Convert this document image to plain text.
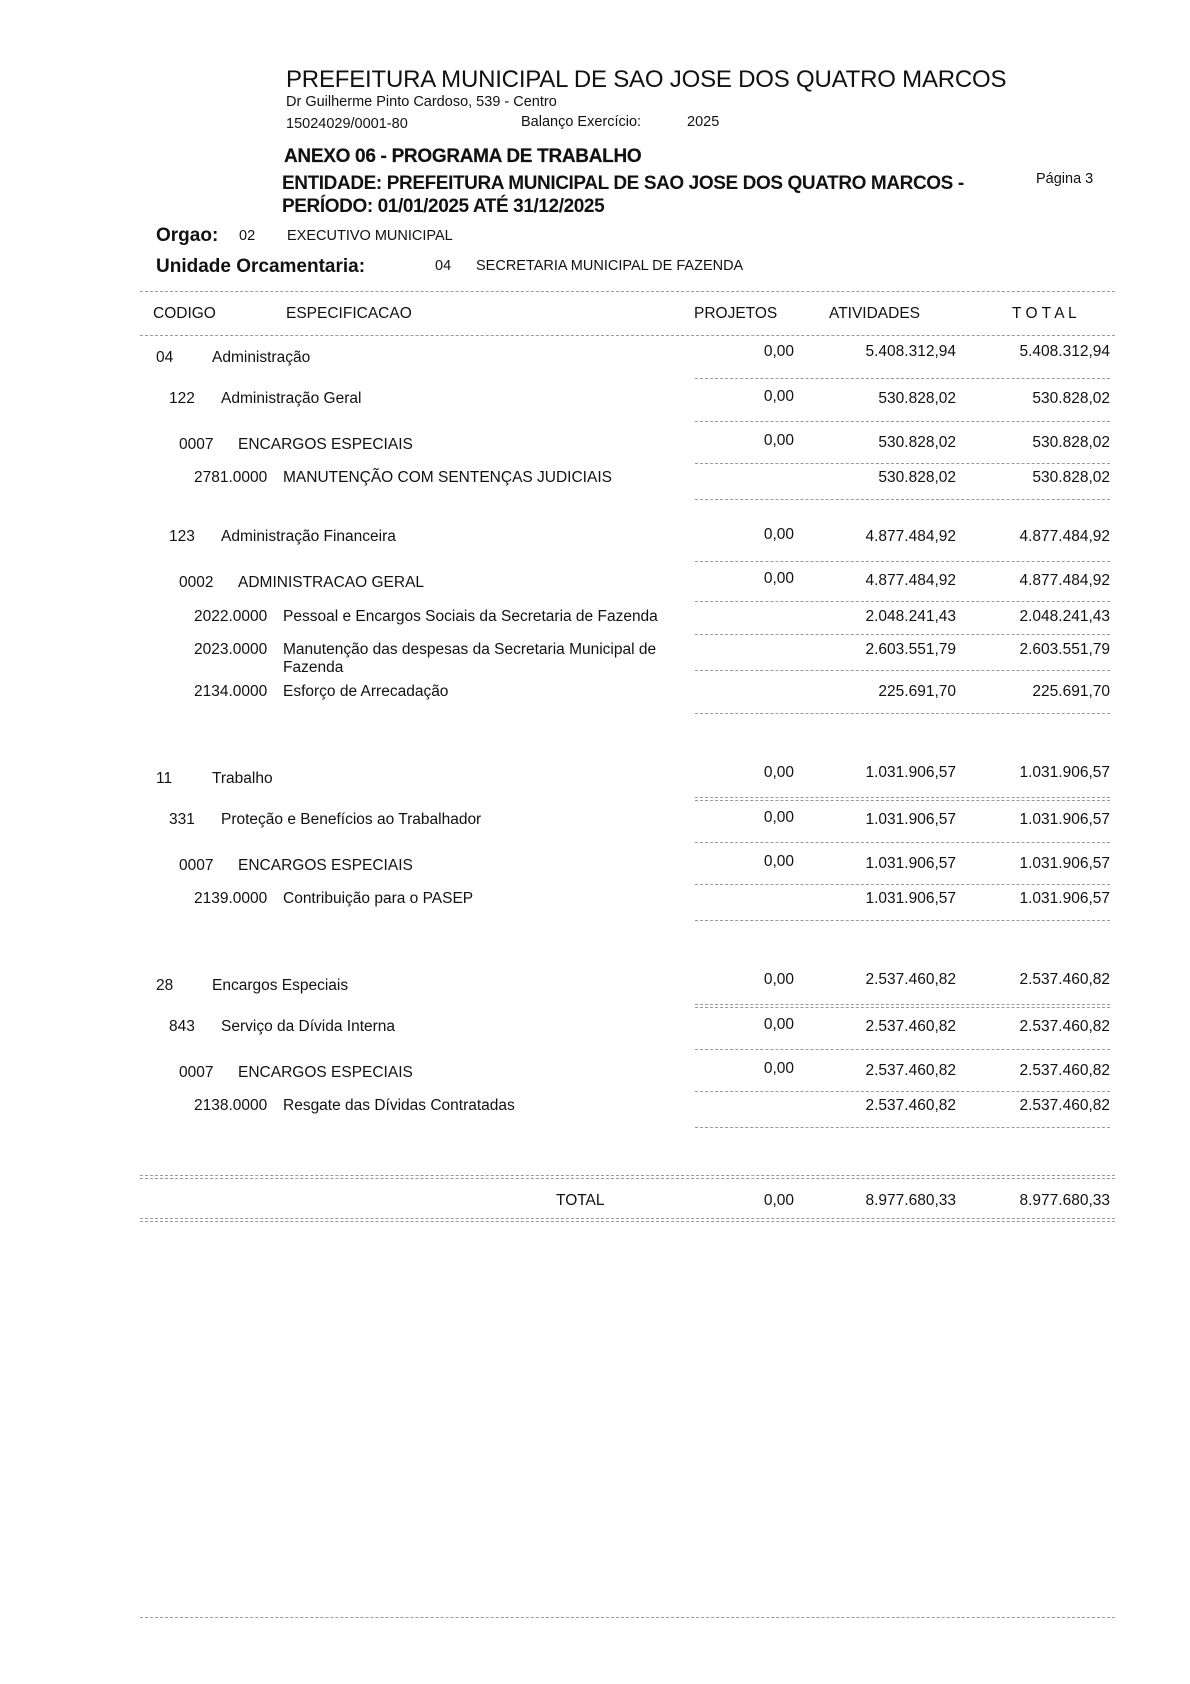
PREFEITURA MUNICIPAL DE SAO JOSE DOS QUATRO MARCOS
Dr Guilherme Pinto Cardoso, 539 - Centro
15024029/0001-80	Balanço Exercício:	2025
ANEXO 06 - PROGRAMA DE TRABALHO
ENTIDADE: PREFEITURA MUNICIPAL DE SAO JOSE DOS QUATRO MARCOS -	Página 3
PERÍODO: 01/01/2025 ATÉ 31/12/2025
Orgao: 02 EXECUTIVO MUNICIPAL
Unidade Orcamentaria:	04 SECRETARIA MUNICIPAL DE FAZENDA
CODIGO	ESPECIFICACAO	PROJETOS	ATIVIDADES	T O T A L
04	Administração	0,00	5.408.312,94	5.408.312,94
122 Administração Geral	0,00	530.828,02	530.828,02
0007 ENCARGOS ESPECIAIS	0,00	530.828,02	530.828,02
2781.0000 MANUTENÇÃO COM SENTENÇAS JUDICIAIS	530.828,02	530.828,02
123 Administração Financeira	0,00	4.877.484,92	4.877.484,92
0002 ADMINISTRACAO GERAL	0,00	4.877.484,92	4.877.484,92
2022.0000 Pessoal e Encargos Sociais da Secretaria de Fazenda	2.048.241,43	2.048.241,43
2023.0000 Manutenção das despesas da Secretaria Municipal de Fazenda
2.603.551,79	2.603.551,79
2134.0000 Esforço de Arrecadação	225.691,70	225.691,70
11	Trabalho	0,00	1.031.906,57	1.031.906,57
331 Proteção e Benefícios ao Trabalhador	0,00	1.031.906,57	1.031.906,57
0007 ENCARGOS ESPECIAIS	0,00	1.031.906,57	1.031.906,57
2139.0000 Contribuição para o PASEP	1.031.906,57	1.031.906,57
28	Encargos Especiais	0,00	2.537.460,82	2.537.460,82
843 Serviço da Dívida Interna	0,00	2.537.460,82	2.537.460,82
0007 ENCARGOS ESPECIAIS	0,00	2.537.460,82	2.537.460,82
2138.0000 Resgate das Dívidas Contratadas	2.537.460,82	2.537.460,82
TOTAL	0,00	8.977.680,33	8.977.680,33
